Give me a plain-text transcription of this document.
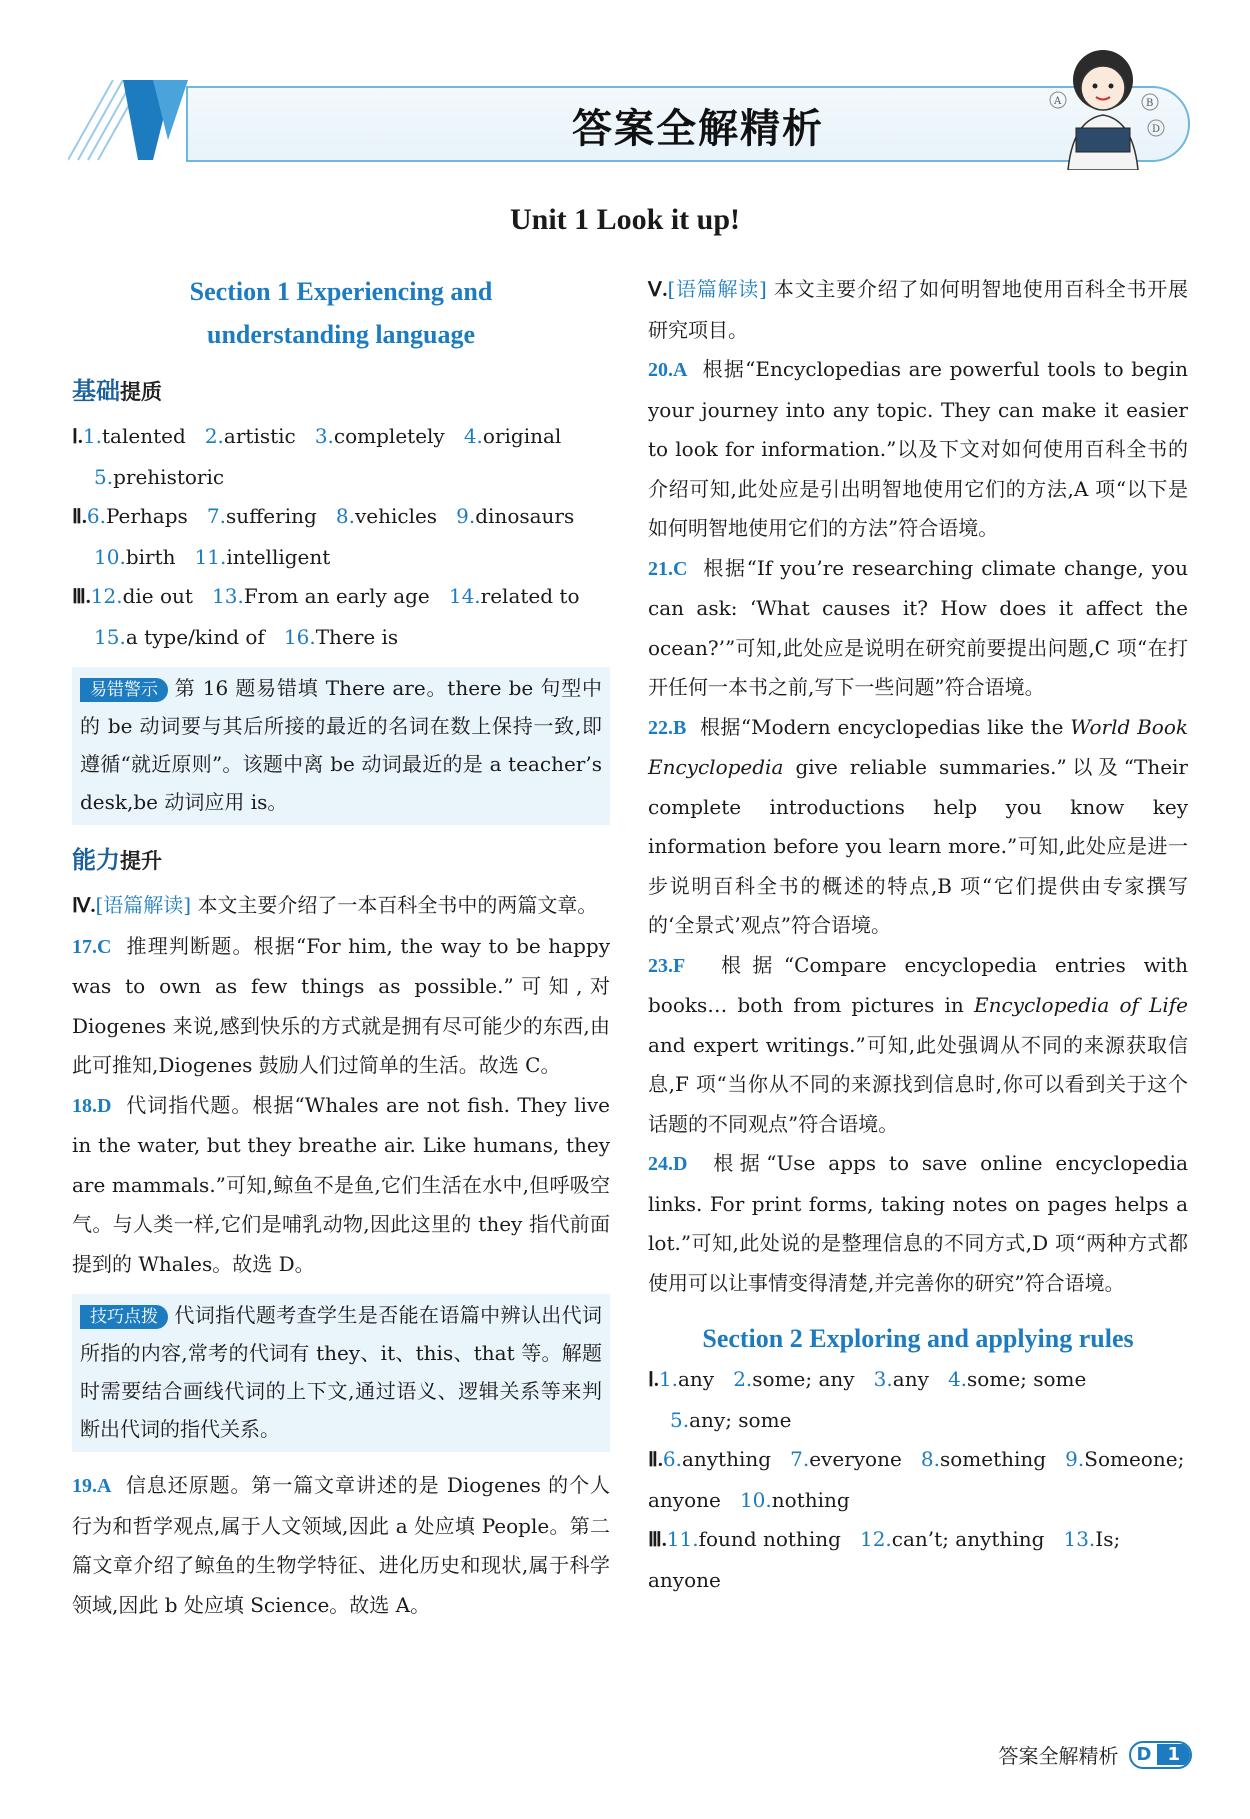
答案全解精析
A	B
D
Unit 1 Look it up!
Section 1 Experiencing and
understanding language
基础提质

Ⅰ.1.talented 2.artistic 3.completely 4.original

5.prehistoric

Ⅱ.6.Perhaps 7.suffering 8.vehicles 9.dinosaurs

10.birth 11.intelligent

Ⅲ.12.die out 13.From an early age 14.related to

15.a type/kind of 16.There is

易错警示 第 16 题易错填 There are。there be 句型中的 be 动词要与其后所接的最近的名词在数上保持一致,即遵循“就近原则”。该题中离 be 动词最近的是 a teacher’s desk,be 动词应用 is。
能力提升

Ⅳ.[语篇解读] 本文主要介绍了一本百科全书中的两篇文章。

17.C 推理判断题。根据“For him, the way to be happy was to own as few things as possible.”可知,对 Diogenes 来说,感到快乐的方式就是拥有尽可能少的东西,由此可推知,Diogenes 鼓励人们过简单的生活。故选 C。

18.D 代词指代题。根据“Whales are not fish. They live in the water, but they breathe air. Like humans, they are mammals.”可知,鲸鱼不是鱼,它们生活在水中,但呼吸空气。与人类一样,它们是哺乳动物,因此这里的 they 指代前面提到的 Whales。故选 D。

技巧点拨 代词指代题考查学生是否能在语篇中辨认出代词所指的内容,常考的代词有 they、it、this、that 等。解题时需要结合画线代词的上下文,通过语义、逻辑关系等来判断出代词的指代关系。

19.A 信息还原题。第一篇文章讲述的是 Diogenes 的个人行为和哲学观点,属于人文领域,因此 a 处应填 People。第二篇文章介绍了鲸鱼的生物学特征、进化历史和现状,属于科学领域,因此 b 处应填 Science。故选 A。

Ⅴ.[语篇解读] 本文主要介绍了如何明智地使用百科全书开展研究项目。

20.A 根据“Encyclopedias are powerful tools to begin your journey into any topic. They can make it easier to look for information.”以及下文对如何使用百科全书的介绍可知,此处应是引出明智地使用它们的方法,A 项“以下是如何明智地使用它们的方法”符合语境。

21.C 根据“If you’re researching climate change, you can ask: ‘What causes it? How does it affect the ocean?’”可知,此处应是说明在研究前要提出问题,C 项“在打开任何一本书之前,写下一些问题”符合语境。

22.B 根据“Modern encyclopedias like the World Book Encyclopedia give reliable summaries.”以及“Their complete introductions help you know key information before you learn more.”可知,此处应是进一步说明百科全书的概述的特点,B 项“它们提供由专家撰写的‘全景式’观点”符合语境。

23.F 根据“Compare encyclopedia entries with books… both from pictures in Encyclopedia of Life and expert writings.”可知,此处强调从不同的来源获取信息,F 项“当你从不同的来源找到信息时,你可以看到关于这个话题的不同观点”符合语境。

24.D 根据“Use apps to save online encyclopedia links. For print forms, taking notes on pages helps a lot.”可知,此处说的是整理信息的不同方式,D 项“两种方式都使用可以让事情变得清楚,并完善你的研究”符合语境。

Section 2 Exploring and applying rules

Ⅰ.1.any 2.some; any 3.any 4.some; some

5.any; some

Ⅱ.6.anything 7.everyone 8.something 9.Someone; anyone 10.nothing

Ⅲ.11.found nothing 12.can’t; anything 13.Is; anyone

答案全解精析	D 1
